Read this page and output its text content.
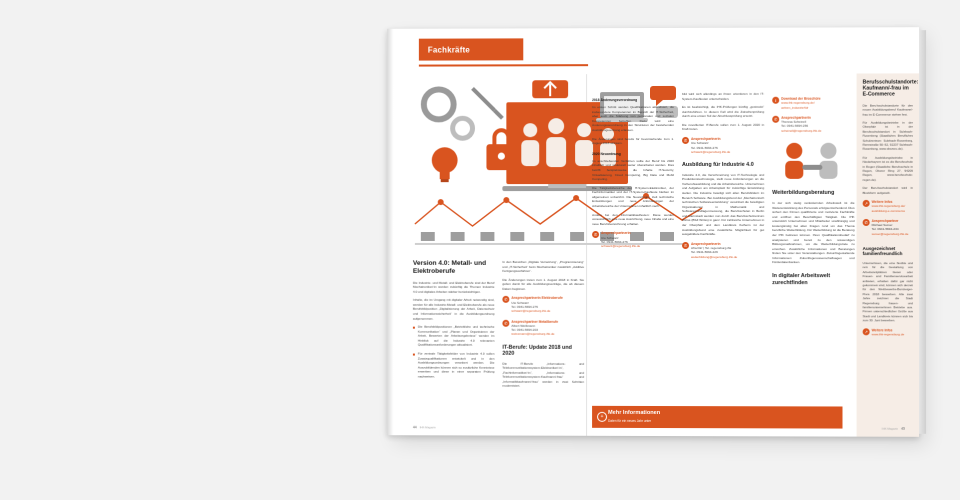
Fachkräfte
Version 4.0: Metall- und Elektroberufe

Die Industrie- und Metall- und Elektroberufe sind der Beruf Mechatroniker/-in werden zukünftig die Themen Industrie 4.0 und digitales Arbeiten stärker berücksichtigen.

Inhalte, die im Umgang mit digitaler Arbeit notwendig sind, werden für alle Industrie-Metall- und Elektroberufe als neue Berufsbildposition „Digitalisierung der Arbeit, Datenschutz und Informationssicherheit“ in die Ausbildungsordnung aufgenommen.

Die Berufsbildpositionen „Betriebliche und technische Kommunikation“ und „Planen und Organisieren der Arbeit, Bewerten der Arbeitsergebnisse“ werden im Hinblick auf die Industrie 4.0 relevanten Qualifikationsanforderungen aktualisiert.

Für zentrale Tätigkeitsfelder von Industrie 4.0 sollen Zusatzqualifikationen entwickelt und in den Ausbildungsordnungen verankert werden. Die Auszubildenden können sich so zusätzliche Kenntnisse erwerben und diese in einer separaten Prüfung nachweisen.

In den Bereichen „Digitale Vernetzung“, „Programmierung“ und „IT-Sicherheit“ beim Mechatroniker zusätzlich „Additive Fertigungsverfahren“.

Die Änderungen treten zum 1. August 2018 in Kraft. Sie gelten damit für alle Ausbildungsverträge, die ab diesem Datum beginnen.

✆	Ansprechpartnerin Elektroberufe
Ute Schwarz
Tel. 0941-5694-276
schwarz@regensburg.ihk.de
✆	Ansprechpartner Metallberufe
Albert Weißmann
Tel. 0941-5694-203
weissmann@regensburg.ihk.de
IT-Berufe: Update 2018 und 2020

Die IT-Berufe „Informations- und Telekommunikationssystem-Elektroniker/-in“, „Fachinformatiker/-in“, „Informations- und Telekommunikationssystem-Kaufmann/-frau“ und „Informatikkaufmann/-frau“ werden in zwei Schritten modernisiert.

2018 Änderungsverordnung

Im ersten Schritt werden Qualifikationen aktualisiert, die insbesondere Kompetenzen im Bereich der IT-Sicherheit, aber auch die Stärkung von personalen und sozialen Kompetenzen betreffen. Dazu wird eine Änderungsverordnung in den Strukturen der bestehenden Ausbildungsordnung erlassen.

Die Änderungen sind bereits für bevorstehende zum 1. August 2018 wirksam.

2020 Neuordnung

Im anschließenden Verfahren sollte der Beruf bis 2020 inhaltlich und strukturell weiter überarbeitet werden. Dies betrifft beispielsweise die Inhalte IT-Security, Virtualisierung, Cloud Computing, Big Data und Mobil Computing.

Die Tätigkeitsbereiche der IT-System-Elektroniker, der Fachinformatiker und der IT-System-Kaufleute bleiben im allgemeinen unberührt. Die Neuordnung zielt technische Entwicklungen und neue Anforderungen der Arbeitsbereiche der Unternehmen inhaltlich nach.

Anders bei den Informatikkaufleuten: Diese werden vorausichtlich eine neue Ausrichtung, neue Inhalte und eine neue Berufsbezeichnung erhalten.

✆	Ansprechpartnerin
Ute Schwarz
Tel. 0941-5694-276
schwarz@regensburg.ihk.de

bild wird sich allerdings an ihnen orientieren in den IT-System-Kaufleuten unterscheiden.

Es ist beabsichtigt, die IHK-Prüfungen künftig „gestreckt“ durchzuführen. In diesem Fall wird die Zwischenprüfung durch eine ersten Teil der Abschlussprüfung ersetzt.

Die novellierten IT-Berufe sollen zum 1. August 2020 in Kraft treten.

✆	Ansprechpartnerin
Ute Schwarz
Tel. 0941-5694-276
schwarz@regensburg.ihk.de
Ausbildung für Industrie 4.0

Industrie 4.0, die Verschmelzung von IT-Technologie und Produktionstechnologie, stellt neue Anforderungen an die Vorberufsausbildung und die Arbeitsbereiche. Unternehmen und Aufgaben am Arbeitsplatz für zukünftige Entwicklung stellen. Die Industrie beteiligt sich allen Berufsbildern im Bereich Software. Bei Ausbildungsbund der „Mechatronisch technischen Softwareentwicklung“ vereinbart die beteiligten Organisationen in Mathematik und Softwaregrundlagenmessung, die Berufsschulen in Berlin und Darmstadt werden nun durch das Berufsschulzentrum Wiriss (BSZ Wiriss) in ganz. Für zahlreiche Unternehmen in der Oberpfalz und dem Landkreis Kelheim ist der Ausbildungsbund eine zusätzliche Möglichkeit für gut ausgebildete Fachkräfte.

✆	Ansprechpartnerin
Afra Dirr | Tel. regensburg.ihk
Tel. 0941-5694-229
weiterbildung@regensburg.ihk.de
⭳	Download der Broschüre
www.ihk-regensburg.de/
azbvm_industrie4dr
✆	Ansprechpartnerin
Theresa Scheinell
Tel. 0941-5694-256
scheinell@regensburg.ihk.de
Weiterbildungsberatung

In der sich stetig verändernden Arbeitswelt ist die Weiterentwicklung des Personals erfolgsentscheidend. Dies sichert den Firmen qualifizierte und motivierte Fachkräfte und eröffnet den Beschäftigten Tätigkeit. Die IHK unterstützt Unternehmen und Mitarbeiter unabhängig und kostengünstig bei allen Fragen rund um das Thema berufliche Weiterbildung. Für Weiterbildung ist die Beratung der IHK beitreten können. Ihren Qualifikationsbedarf zu analysieren und bereit zu den notwendigen Bildungsmaßnahmen, um die Weiterbildungsziele zu erreichen. Zusätzliche Informationen und Beratungen finden Sie unter den Veranstaltungen. Zukunftsgestaltende Informationen: Zukunftsgenossenschaftsagen und Förderdatenbanken.

In digitaler Arbeitswelt zurechtfinden
Berufsschulstandorte: Kaufmann/-frau im E-Commerce

Die Berufsschulstandorte für den neuen Ausbildungsberuf Kaufmann/-frau im E-Commerce stehen fest.

Für Ausbildungsbetriebe in der Oberpfalz ist in der Berufsschulstandort in Sulzbach-Rosenberg (Staatliches Berufliches Schulzentrum Sulzbach-Rosenberg, Rennstraße 50–52, 92237 Sulzbach-Rosenberg, www.sbszsro.de).

Für Ausbildungsbetriebe in Niederbayern ist es die Berufsschule in Regen (Staatliche Berufsschule in Regen, Oberer Ring 27, 94209 Regen, www.berufsschule-regen.de).

Der Berufsschulstandort wird in Blockform aufgeteilt.

↗	Weitere Infos
www.ihk-regensburg.de/
ausbildung-e-commerce
✆	Ansprechpartner
Michael Sumer
Tel. 0941-5694-234
sumer@regensburg.ihk.de
Ausgezeichnet familienfreundlich

Unternehmen, die eine flexible und rein für die Gestaltung von Arbeitszeitplätzen bieten oder Frauen- und Familienservicearbeit anbieten, erhalten dafür gar nicht gekommen sind, können sich derzeit für den Wettbewerbs-Buntzeiger-Preis 2018 bewerben. Alle zwei Jahre zeichnet die Stadt Regensburg frauen- und familienunternehmen Betriebe aus. Firmen unterschiedlicher Größe aus Stadt und Landkreis können sich bis zum 30. Juni bewerben.

↗	Weitere Infos
www.ihk-regensburg.de
+
Mehr Informationen
Daten für ein neues Jahr unter
44 IHK-Magazin	IHK-Magazin 45
